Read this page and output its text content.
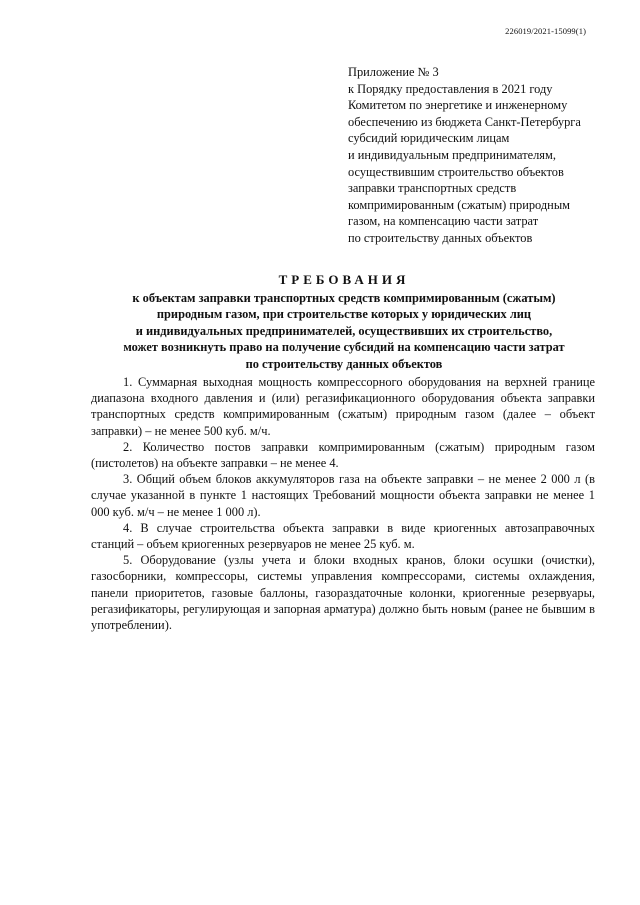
226019/2021-15099(1)
Приложение № 3
к Порядку предоставления в 2021 году
Комитетом по энергетике и инженерному
обеспечению из бюджета Санкт-Петербурга
субсидий юридическим лицам
и индивидуальным предпринимателям,
осуществившим строительство объектов
заправки транспортных средств
компримированным (сжатым) природным
газом, на компенсацию части затрат
по строительству данных объектов
ТРЕБОВАНИЯ
к объектам заправки транспортных средств компримированным (сжатым)
природным газом, при строительстве которых у юридических лиц
и индивидуальных предпринимателей, осуществивших их строительство,
может возникнуть право на получение субсидий на компенсацию части затрат
по строительству данных объектов

1. Суммарная выходная мощность компрессорного оборудования на верхней границе диапазона входного давления и (или) регазификационного оборудования объекта заправки транспортных средств компримированным (сжатым) природным газом (далее – объект заправки) – не менее 500 куб. м/ч.

2. Количество постов заправки компримированным (сжатым) природным газом (пистолетов) на объекте заправки – не менее 4.

3. Общий объем блоков аккумуляторов газа на объекте заправки – не менее 2 000 л (в случае указанной в пункте 1 настоящих Требований мощности объекта заправки не менее 1 000 куб. м/ч – не менее 1 000 л).

4. В случае строительства объекта заправки в виде криогенных автозаправочных станций – объем криогенных резервуаров не менее 25 куб. м.

5. Оборудование (узлы учета и блоки входных кранов, блоки осушки (очистки), газосборники, компрессоры, системы управления компрессорами, системы охлаждения, панели приоритетов, газовые баллоны, газораздаточные колонки, криогенные резервуары, регазификаторы, регулирующая и запорная арматура) должно быть новым (ранее не бывшим в употреблении).
